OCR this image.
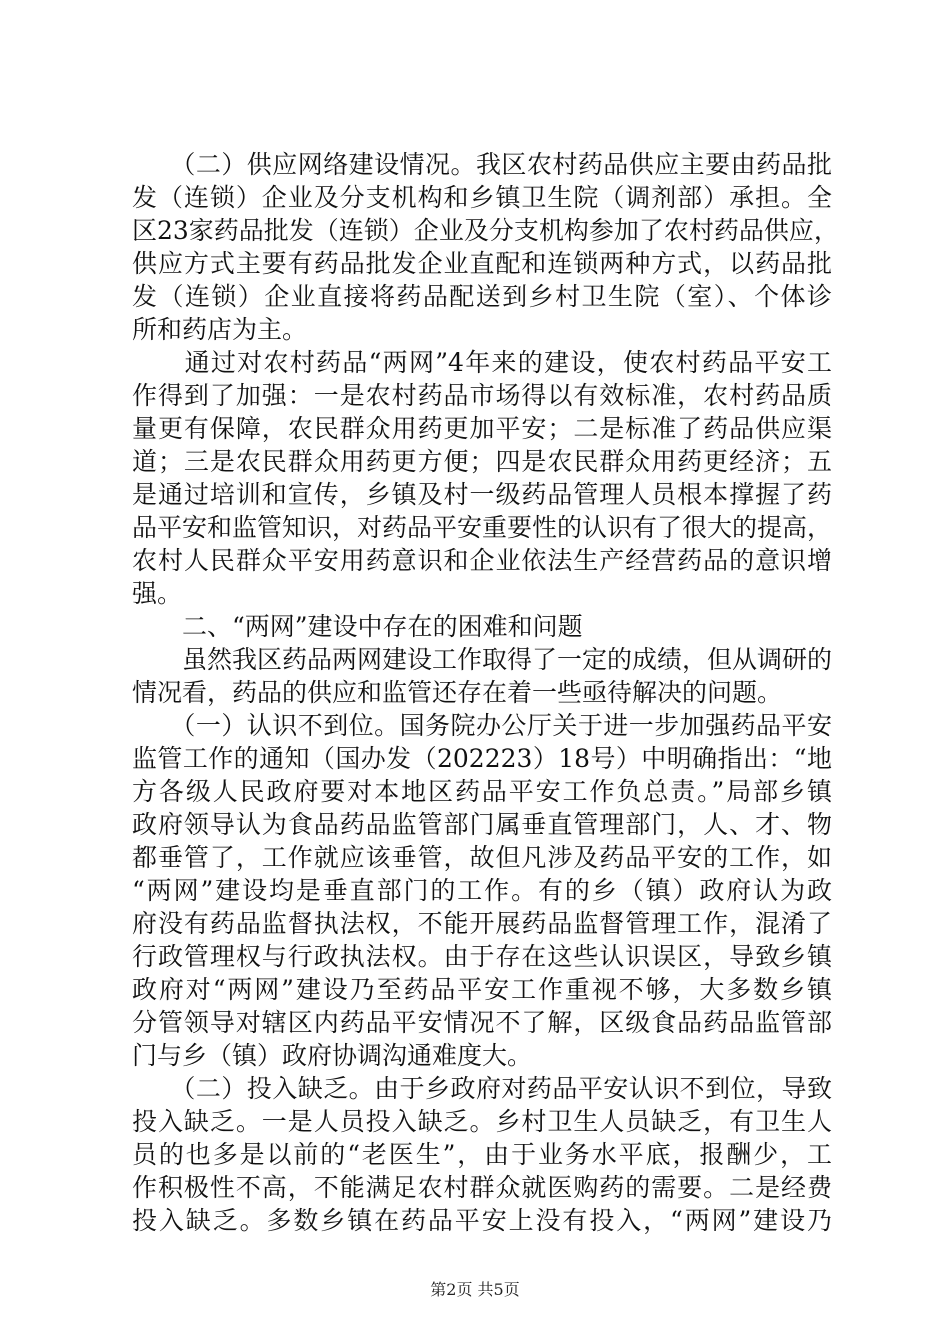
　　（二）供应网络建设情况。我区农村药品供应主要由药品批
发（连锁）企业及分支机构和乡镇卫生院（调剂部）承担。全
区23家药品批发（连锁）企业及分支机构参加了农村药品供应，
供应方式主要有药品批发企业直配和连锁两种方式，以药品批
发（连锁）企业直接将药品配送到乡村卫生院（室）、个体诊
所和药店为主。
　　通过对农村药品“两网”4年来的建设，使农村药品平安工
作得到了加强：一是农村药品市场得以有效标准，农村药品质
量更有保障，农民群众用药更加平安；二是标准了药品供应渠
道；三是农民群众用药更方便；四是农民群众用药更经济；五
是通过培训和宣传，乡镇及村一级药品管理人员根本撑握了药
品平安和监管知识，对药品平安重要性的认识有了很大的提高，
农村人民群众平安用药意识和企业依法生产经营药品的意识增
强。
　　二、“两网”建设中存在的困难和问题
　　虽然我区药品两网建设工作取得了一定的成绩，但从调研的
情况看，药品的供应和监管还存在着一些亟待解决的问题。
　　（一）认识不到位。国务院办公厅关于进一步加强药品平安
监管工作的通知（国办发（202223）18号）中明确指出：“地
方各级人民政府要对本地区药品平安工作负总责。”局部乡镇
政府领导认为食品药品监管部门属垂直管理部门，人、才、物
都垂管了，工作就应该垂管，故但凡涉及药品平安的工作，如
“两网”建设均是垂直部门的工作。有的乡（镇）政府认为政
府没有药品监督执法权，不能开展药品监督管理工作，混淆了
行政管理权与行政执法权。由于存在这些认识误区，导致乡镇
政府对“两网”建设乃至药品平安工作重视不够，大多数乡镇
分管领导对辖区内药品平安情况不了解，区级食品药品监管部
门与乡（镇）政府协调沟通难度大。
　　（二）投入缺乏。由于乡政府对药品平安认识不到位，导致
投入缺乏。一是人员投入缺乏。乡村卫生人员缺乏，有卫生人
员的也多是以前的“老医生”，由于业务水平底，报酬少，工
作积极性不高，不能满足农村群众就医购药的需要。二是经费
投入缺乏。多数乡镇在药品平安上没有投入，“两网”建设乃
第2页 共5页
